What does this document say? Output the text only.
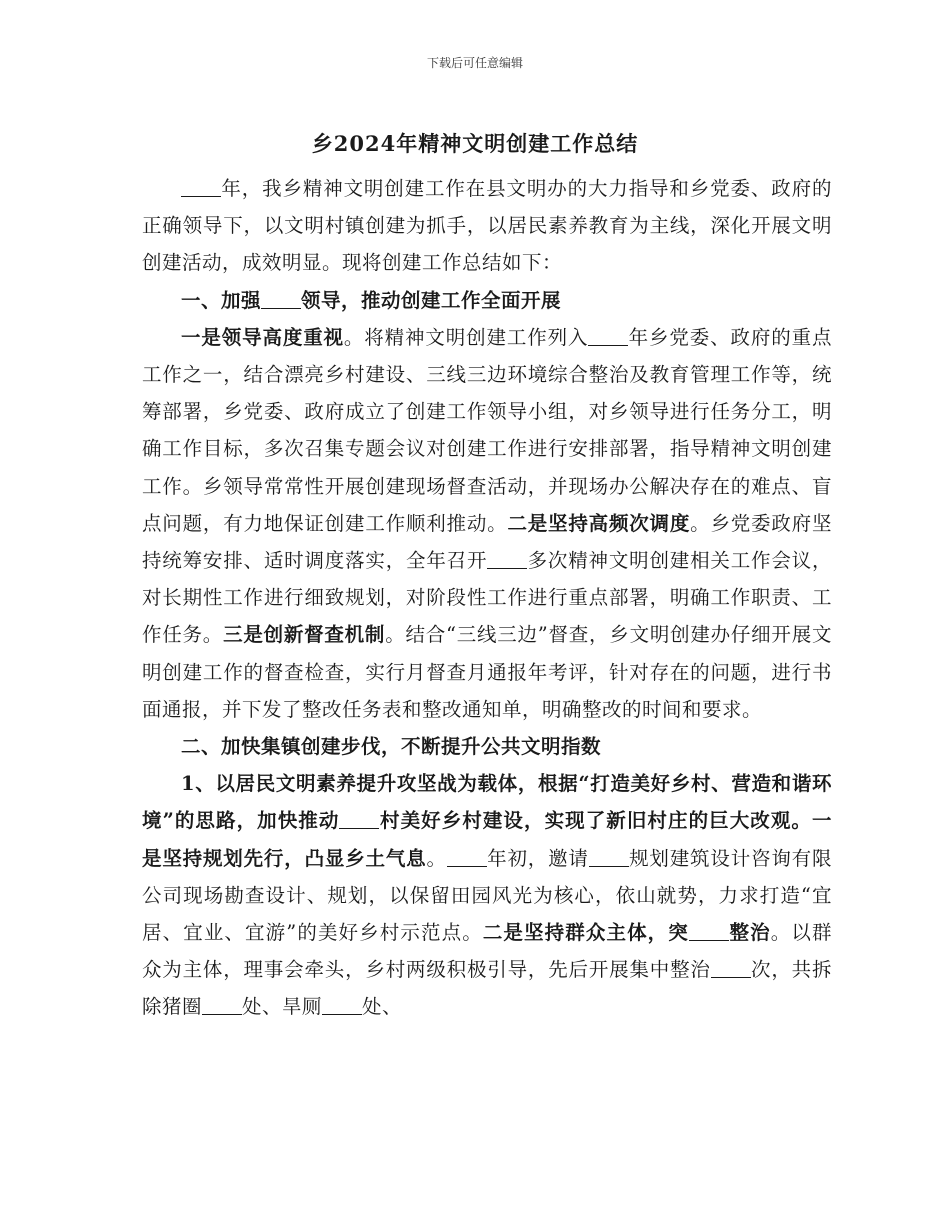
下载后可任意编辑
乡2024年精神文明创建工作总结

年，我乡精神文明创建工作在县文明办的大力指导和乡党委、政府的正确领导下，以文明村镇创建为抓手，以居民素养教育为主线，深化开展文明创建活动，成效明显。现将创建工作总结如下：

一、加强 领导，推动创建工作全面开展

一是领导高度重视。将精神文明创建工作列入 年乡党委、政府的重点工作之一，结合漂亮乡村建设、三线三边环境综合整治及教育管理工作等，统筹部署，乡党委、政府成立了创建工作领导小组，对乡领导进行任务分工，明确工作目标，多次召集专题会议对创建工作进行安排部署，指导精神文明创建工作。乡领导常常性开展创建现场督查活动，并现场办公解决存在的难点、盲点问题，有力地保证创建工作顺利推动。二是坚持高频次调度。乡党委政府坚持统筹安排、适时调度落实，全年召开 多次精神文明创建相关工作会议，对长期性工作进行细致规划，对阶段性工作进行重点部署，明确工作职责、工作任务。三是创新督查机制。结合“三线三边”督查，乡文明创建办仔细开展文明创建工作的督查检查，实行月督查月通报年考评，针对存在的问题，进行书面通报，并下发了整改任务表和整改通知单，明确整改的时间和要求。

二、加快集镇创建步伐，不断提升公共文明指数

1、以居民文明素养提升攻坚战为载体，根据“打造美好乡村、营造和谐环境”的思路，加快推动 村美好乡村建设，实现了新旧村庄的巨大改观。一是坚持规划先行，凸显乡土气息。 年初，邀请 规划建筑设计咨询有限公司现场勘查设计、规划，以保留田园风光为核心，依山就势，力求打造“宜居、宜业、宜游”的美好乡村示范点。二是坚持群众主体，突 整治。以群众为主体，理事会牵头，乡村两级积极引导，先后开展集中整治 次，共拆除猪圈 处、旱厕 处、
